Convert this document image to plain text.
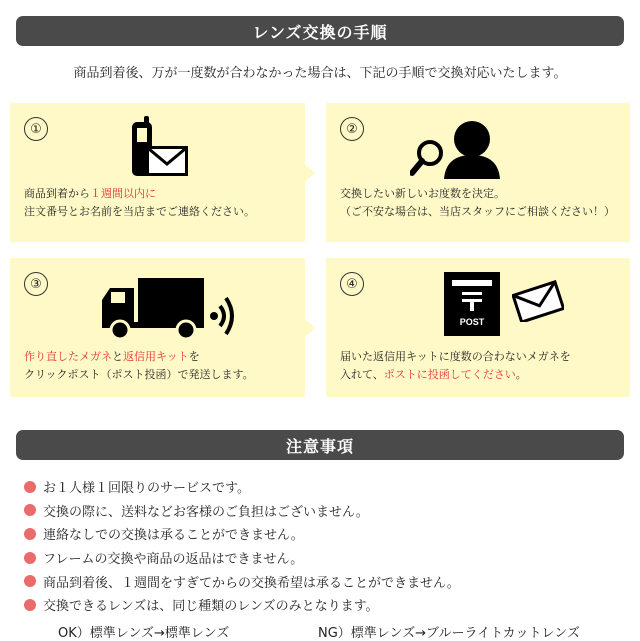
レンズ交換の手順
商品到着後、万が一度数が合わなかった場合は、下記の手順で交換対応いたします。
①
商品到着から１週間以内に
注文番号とお名前を当店までご連絡ください。
②
交換したい新しいお度数を決定。
（ご不安な場合は、当店スタッフにご相談ください！）
③
作り直したメガネと返信用キットを
クリックポスト（ポスト投函）で発送します。
④
POST
届いた返信用キットに度数の合わないメガネを
入れて、ポストに投函してください。
注意事項
お１人様１回限りのサービスです。
交換の際に、送料などお客様のご負担はございません。
連絡なしでの交換は承ることができません。
フレームの交換や商品の返品はできません。
商品到着後、１週間をすぎてからの交換希望は承ることができません。
交換できるレンズは、同じ種類のレンズのみとなります。
OK）標準レンズ→標準レンズ	NG）標準レンズ→ブルーライトカットレンズ
